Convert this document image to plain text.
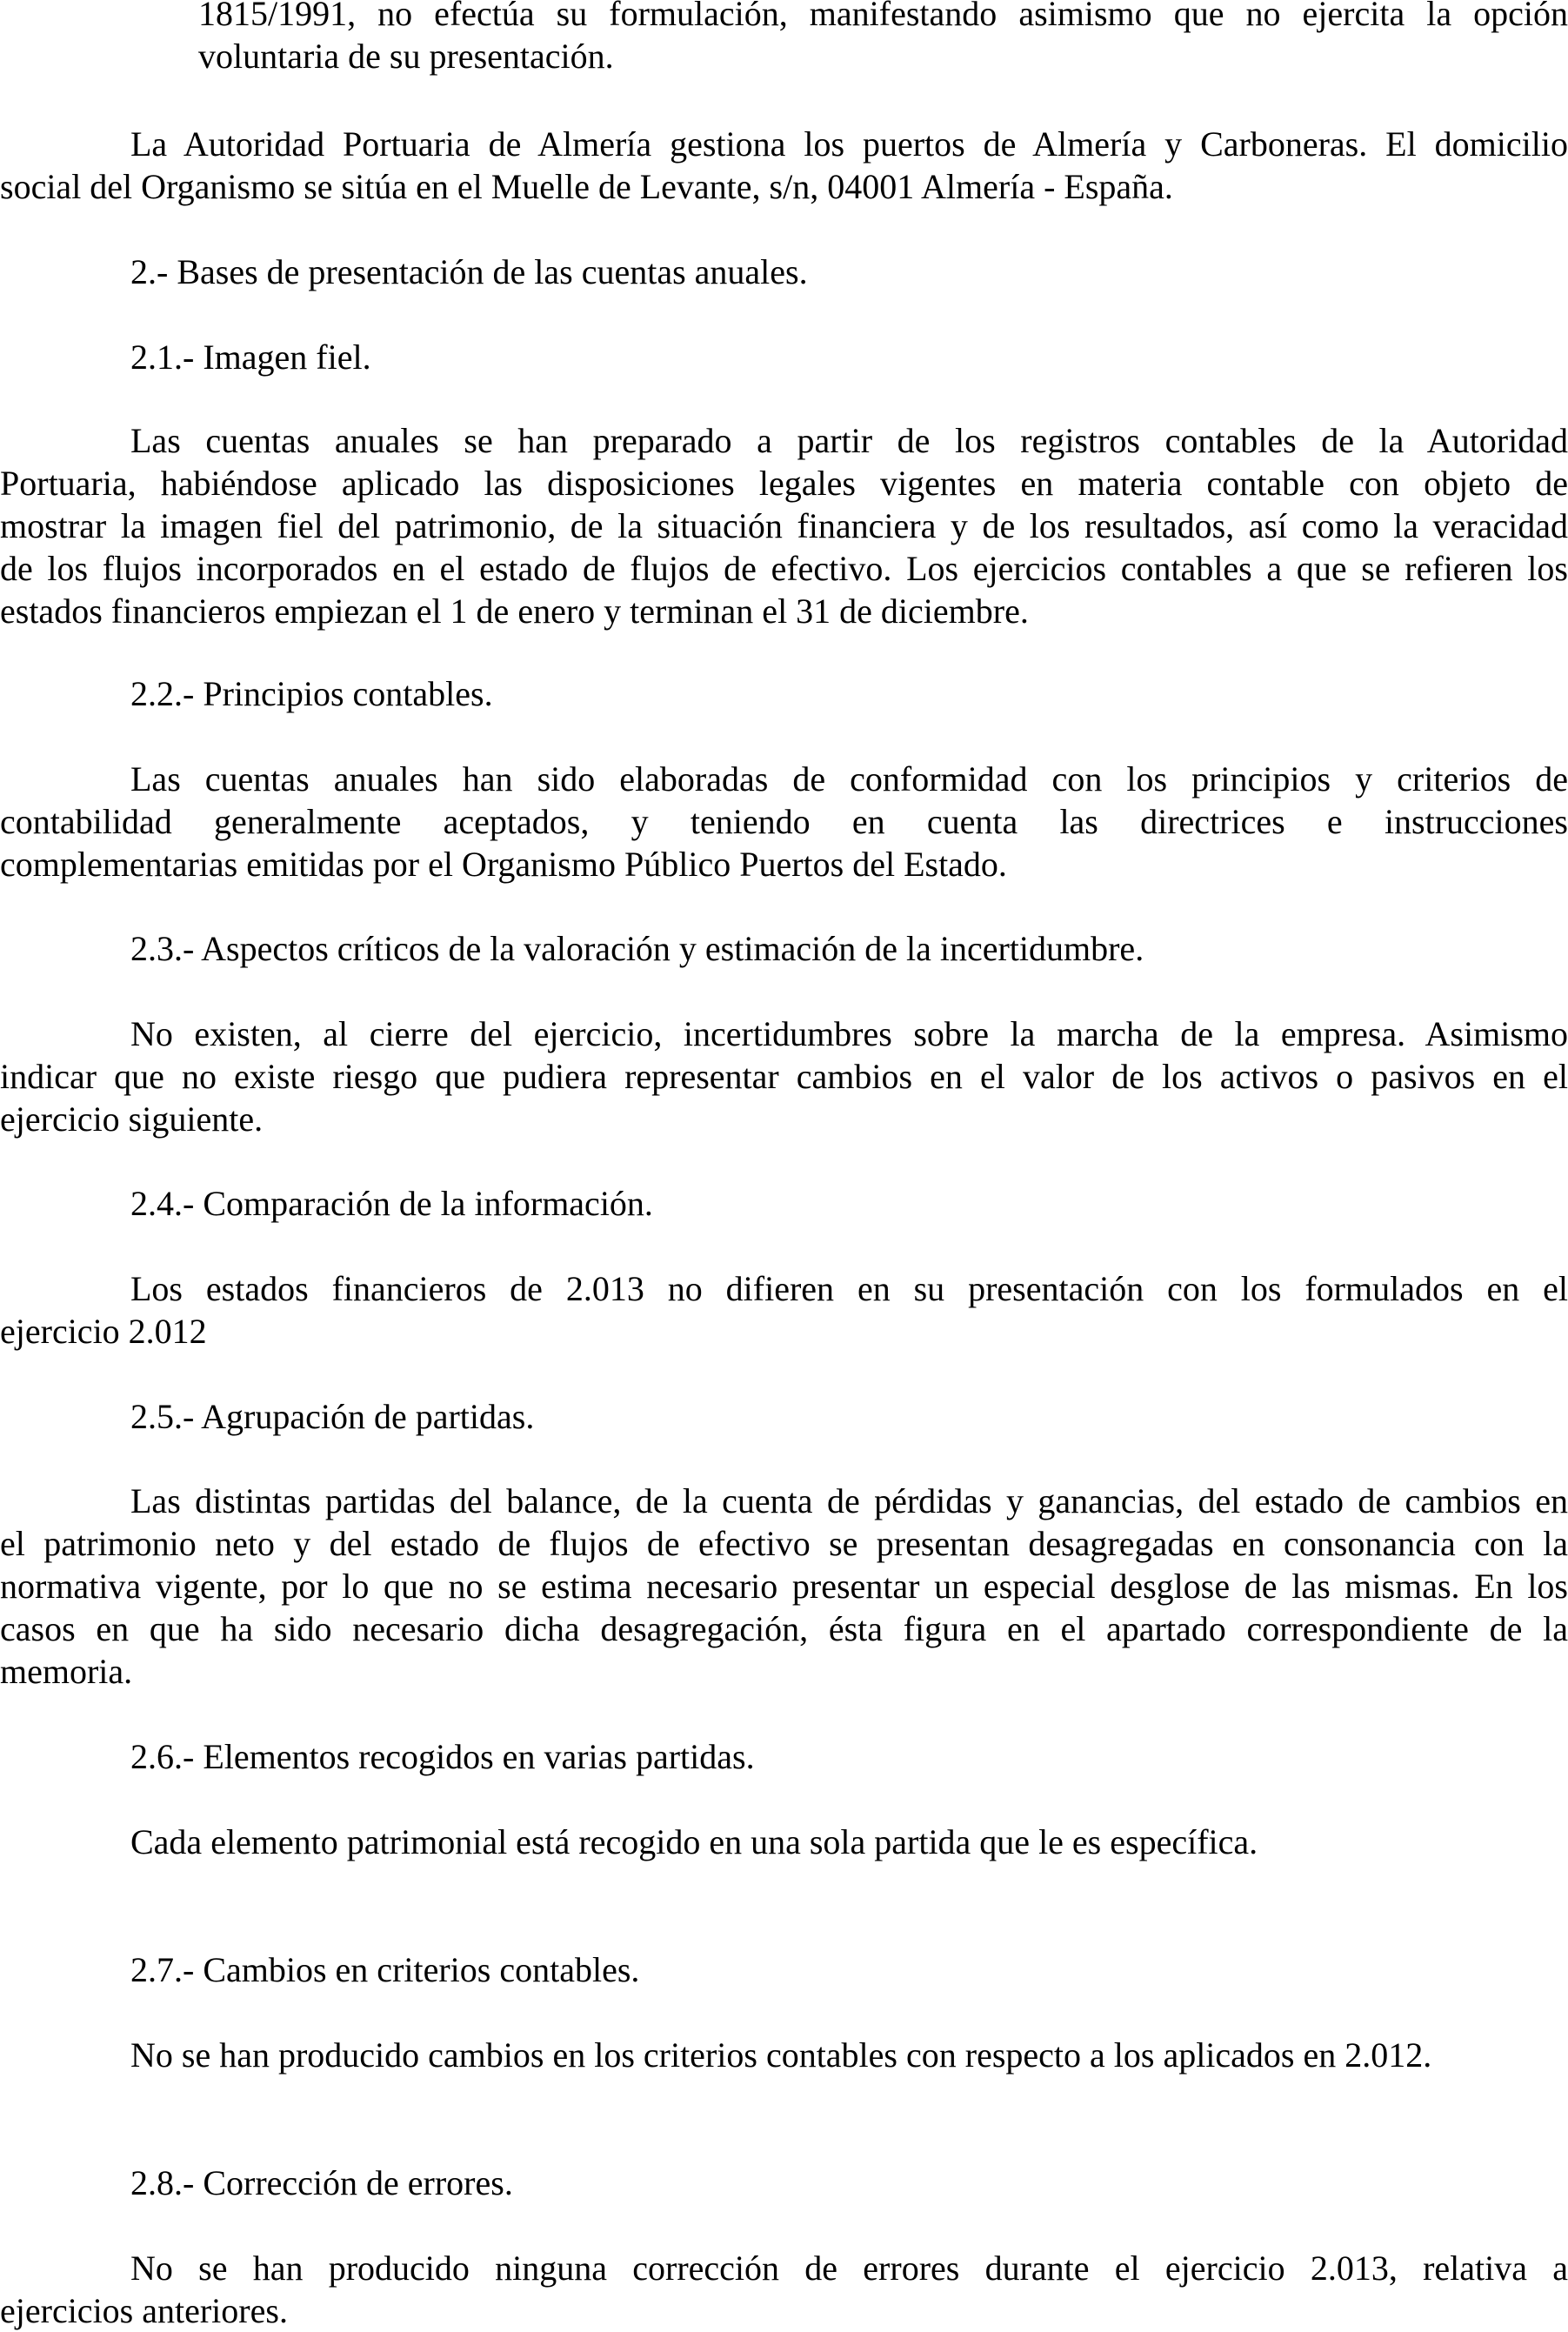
1815/1991, no efectúa su formulación, manifestando asimismo que no ejercita la opción
voluntaria de su presentación.
La Autoridad Portuaria de Almería gestiona los puertos de Almería y Carboneras. El domicilio
social del Organismo se sitúa en el Muelle de Levante, s/n, 04001 Almería - España.
2.- Bases de presentación de las cuentas anuales.
2.1.- Imagen fiel.
Las cuentas anuales se han preparado a partir de los registros contables de la Autoridad
Portuaria, habiéndose aplicado las disposiciones legales vigentes en materia contable con objeto de
mostrar la imagen fiel del patrimonio, de la situación financiera y de los resultados, así como la veracidad
de los flujos incorporados en el estado de flujos de efectivo. Los ejercicios contables a que se refieren los
estados financieros empiezan el 1 de enero y terminan el 31 de diciembre.
2.2.- Principios contables.
Las cuentas anuales han sido elaboradas de conformidad con los principios y criterios de
contabilidad generalmente aceptados, y teniendo en cuenta las directrices e instrucciones
complementarias emitidas por el Organismo Público Puertos del Estado.
2.3.- Aspectos críticos de la valoración y estimación de la incertidumbre.
No existen, al cierre del ejercicio, incertidumbres sobre la marcha de la empresa. Asimismo
indicar que no existe riesgo que pudiera representar cambios en el valor de los activos o pasivos en el
ejercicio siguiente.
2.4.- Comparación de la información.
Los estados financieros de 2.013 no difieren en su presentación con los formulados en el
ejercicio 2.012
2.5.- Agrupación de partidas.
Las distintas partidas del balance, de la cuenta de pérdidas y ganancias, del estado de cambios en
el patrimonio neto y del estado de flujos de efectivo se presentan desagregadas en consonancia con la
normativa vigente, por lo que no se estima necesario presentar un especial desglose de las mismas. En los
casos en que ha sido necesario dicha desagregación, ésta figura en el apartado correspondiente de la
memoria.
2.6.- Elementos recogidos en varias partidas.
Cada elemento patrimonial está recogido en una sola partida que le es específica.
2.7.- Cambios en criterios contables.
No se han producido cambios en los criterios contables con respecto a los aplicados en 2.012.
2.8.- Corrección de errores.
No se han producido ninguna corrección de errores durante el ejercicio 2.013, relativa a
ejercicios anteriores.
